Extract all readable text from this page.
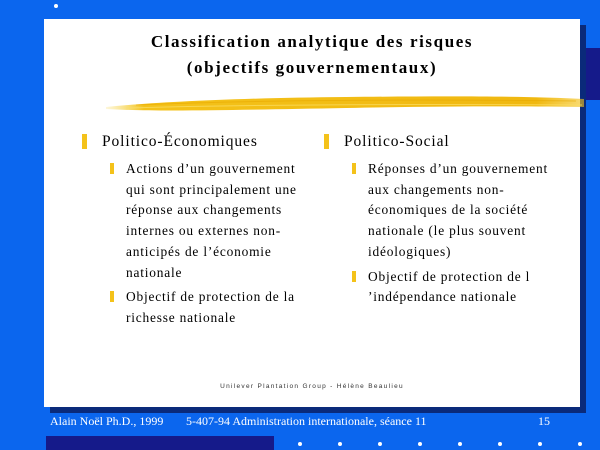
Classification analytique des risques
(objectifs gouvernementaux)
Politico-Économiques
Actions d’un gouvernement qui sont principalement une réponse aux changements internes ou externes non-anticipés de l’économie nationale
Objectif de protection de la richesse nationale
Politico-Social
Réponses d’un gouvernement aux changements non-économiques de la société nationale (le plus souvent idéologiques)
Objectif de protection de l ’indépendance nationale
Unilever Plantation Group - Hélène Beaulieu
Alain Noël Ph.D., 1999 5-407-94 Administration internationale, séance 11	15
